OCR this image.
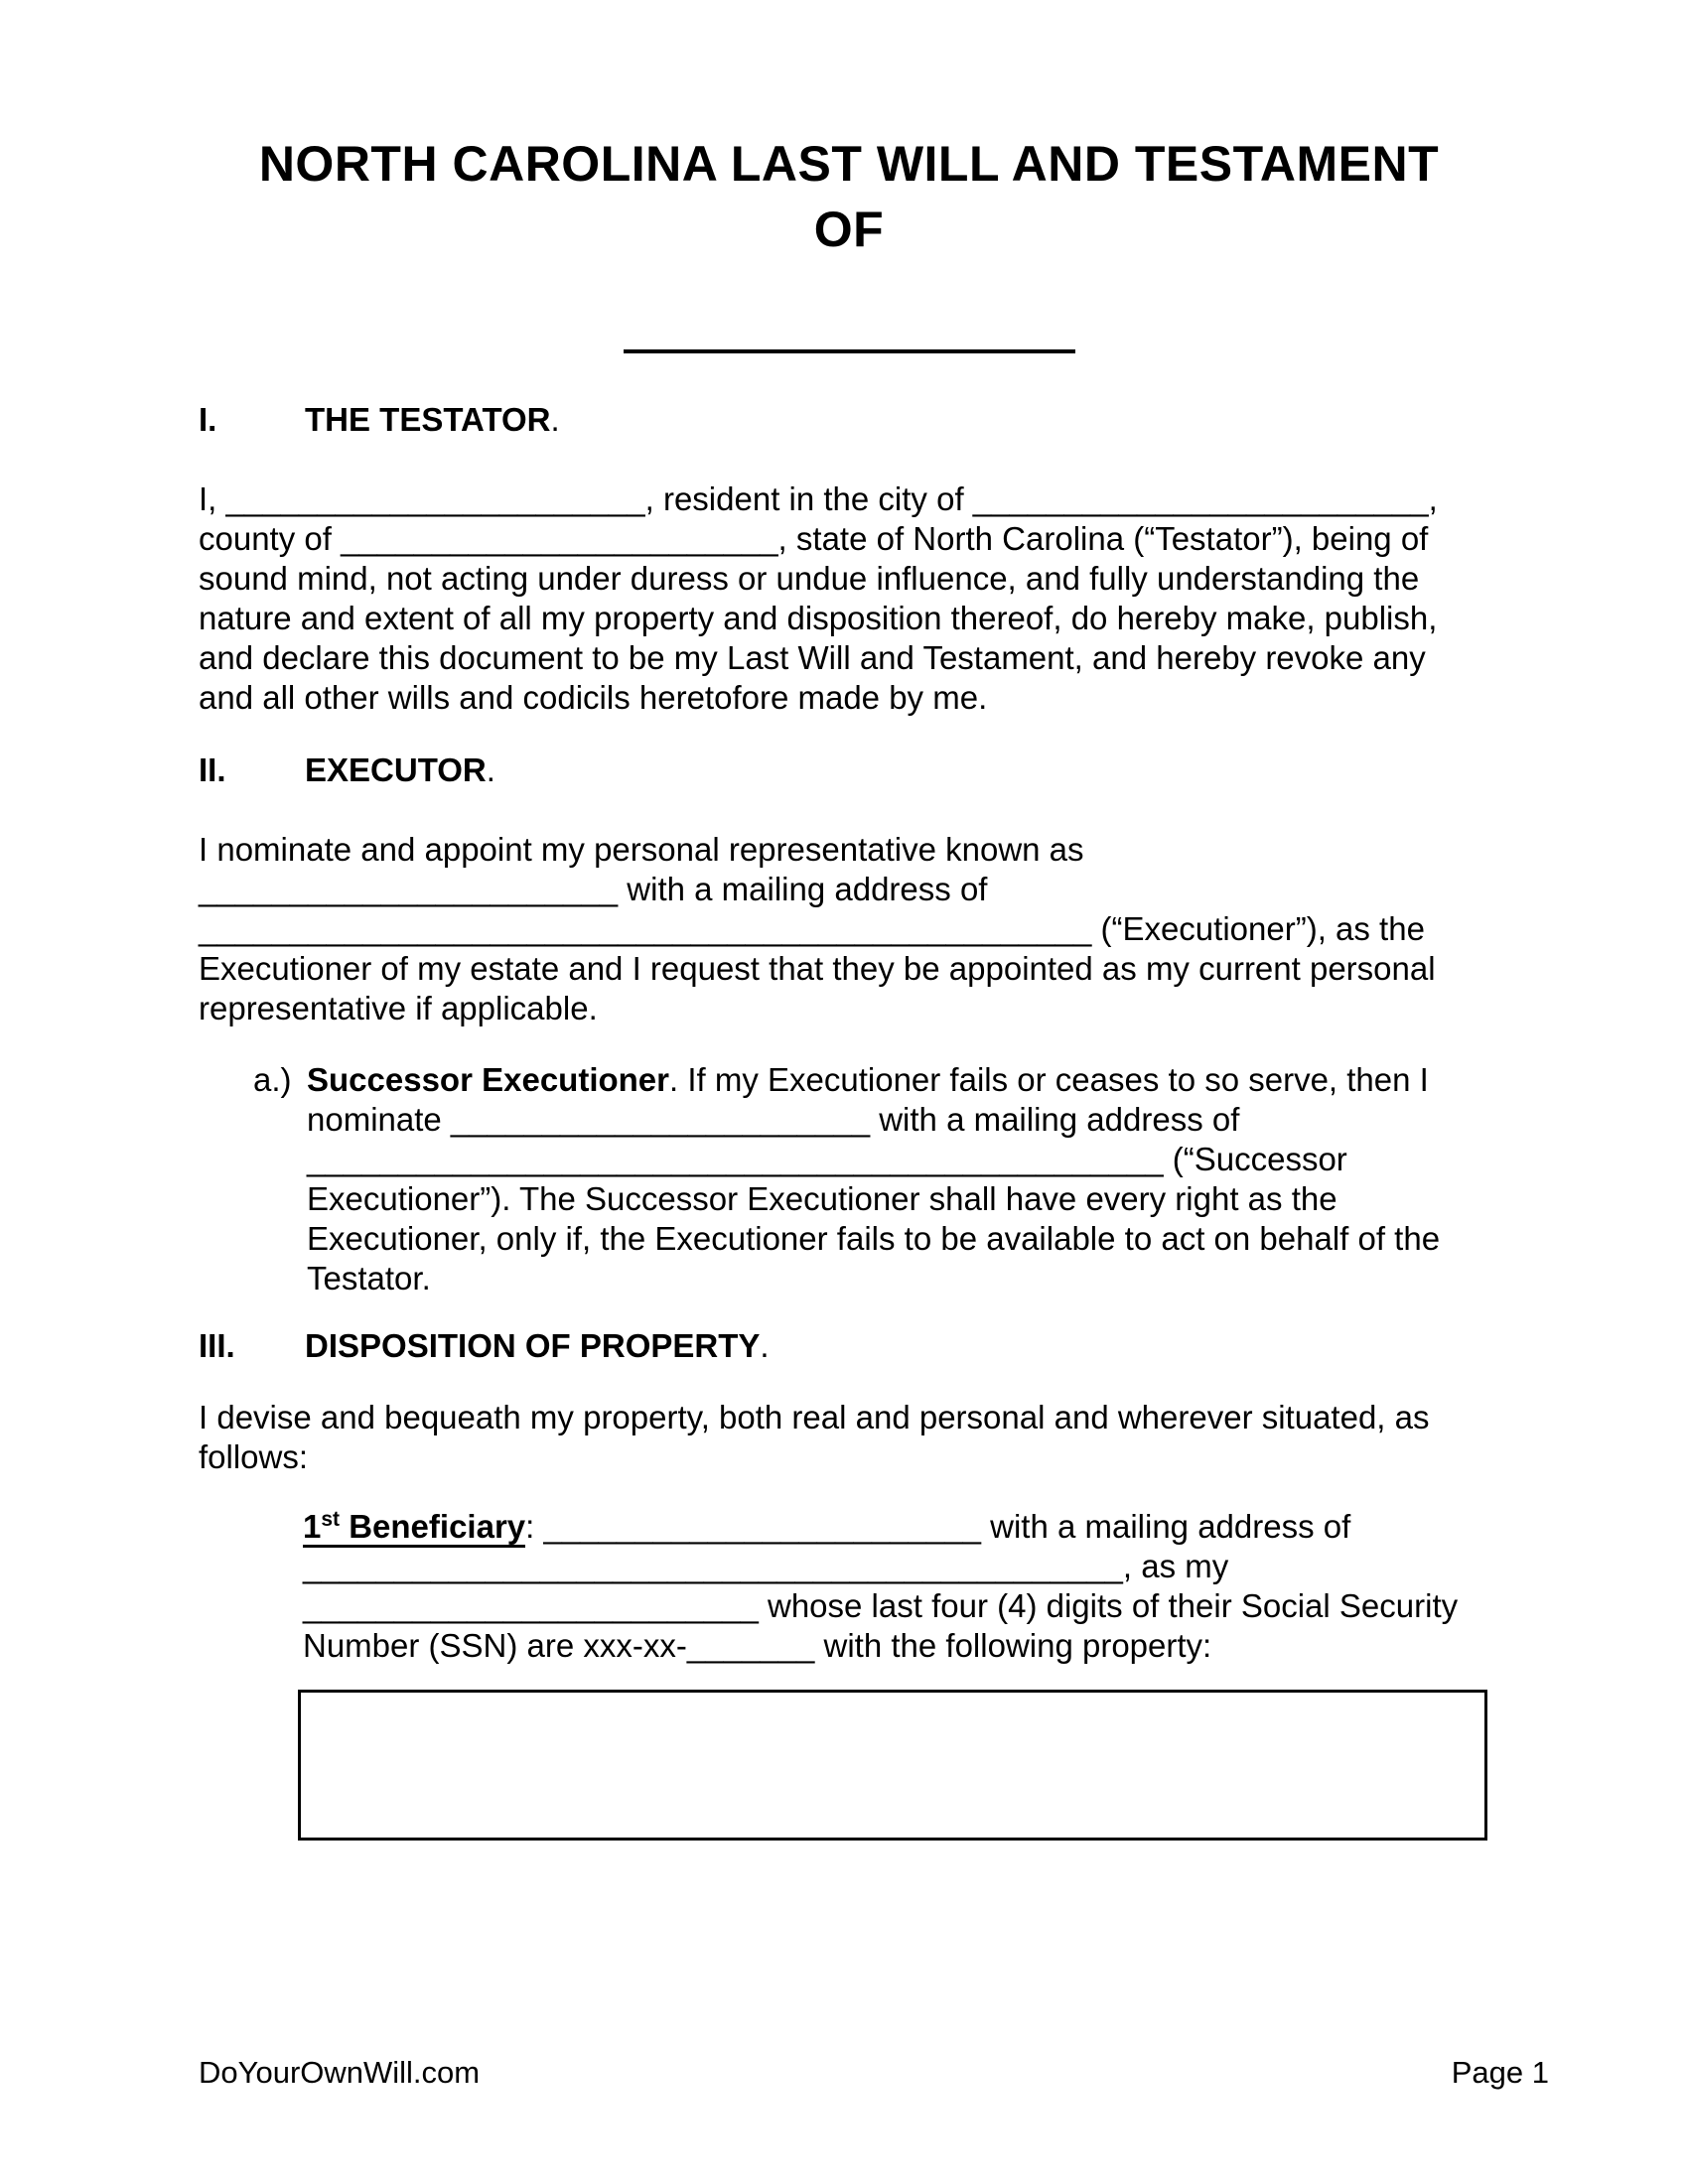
NORTH CAROLINA LAST WILL AND TESTAMENT
OF
I.	THE TESTATOR.
I, _______________________, resident in the city of _________________________,
county of ________________________, state of North Carolina (“Testator”), being of
sound mind, not acting under duress or undue influence, and fully understanding the
nature and extent of all my property and disposition thereof, do hereby make, publish,
and declare this document to be my Last Will and Testament, and hereby revoke any
and all other wills and codicils heretofore made by me.
II. EXECUTOR.
I nominate and appoint my personal representative known as
_______________________ with a mailing address of
_________________________________________________ (“Executioner”), as the
Executioner of my estate and I request that they be appointed as my current personal
representative if applicable.
a.) Successor Executioner. If my Executioner fails or ceases to so serve, then I
nominate _______________________ with a mailing address of
_______________________________________________ (“Successor
Executioner”). The Successor Executioner shall have every right as the
Executioner, only if, the Executioner fails to be available to act on behalf of the
Testator.
III. DISPOSITION OF PROPERTY.
I devise and bequeath my property, both real and personal and wherever situated, as
follows:
1st Beneficiary: ________________________ with a mailing address of
_____________________________________________, as my
_________________________ whose last four (4) digits of their Social Security
Number (SSN) are xxx-xx-_______ with the following property:
DoYourOwnWill.com	Page 1
